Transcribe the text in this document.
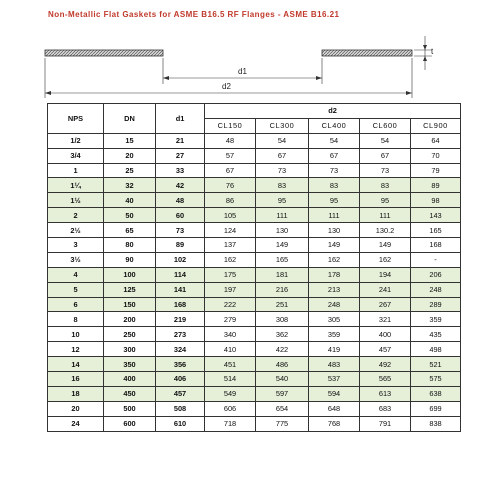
Non-Metallic Flat Gaskets for ASME B16.5 RF Flanges - ASME B16.21
t
d1
d2
NPS	DN	d1	d2				
			CL150	CL300	CL400	CL600	CL900
1/2	15	21	48	54	54	54	64
3/4	20	27	57	67	67	67	70
1	25	33	67	73	73	73	79
1¼	32	42	76	83	83	83	89
1½	40	48	86	95	95	95	98
2	50	60	105	111	111	111	143
2½	65	73	124	130	130	130.2	165
3	80	89	137	149	149	149	168
3½	90	102	162	165	162	162	-
4	100	114	175	181	178	194	206
5	125	141	197	216	213	241	248
6	150	168	222	251	248	267	289
8	200	219	279	308	305	321	359
10	250	273	340	362	359	400	435
12	300	324	410	422	419	457	498
14	350	356	451	486	483	492	521
16	400	406	514	540	537	565	575
18	450	457	549	597	594	613	638
20	500	508	606	654	648	683	699
24	600	610	718	775	768	791	838
